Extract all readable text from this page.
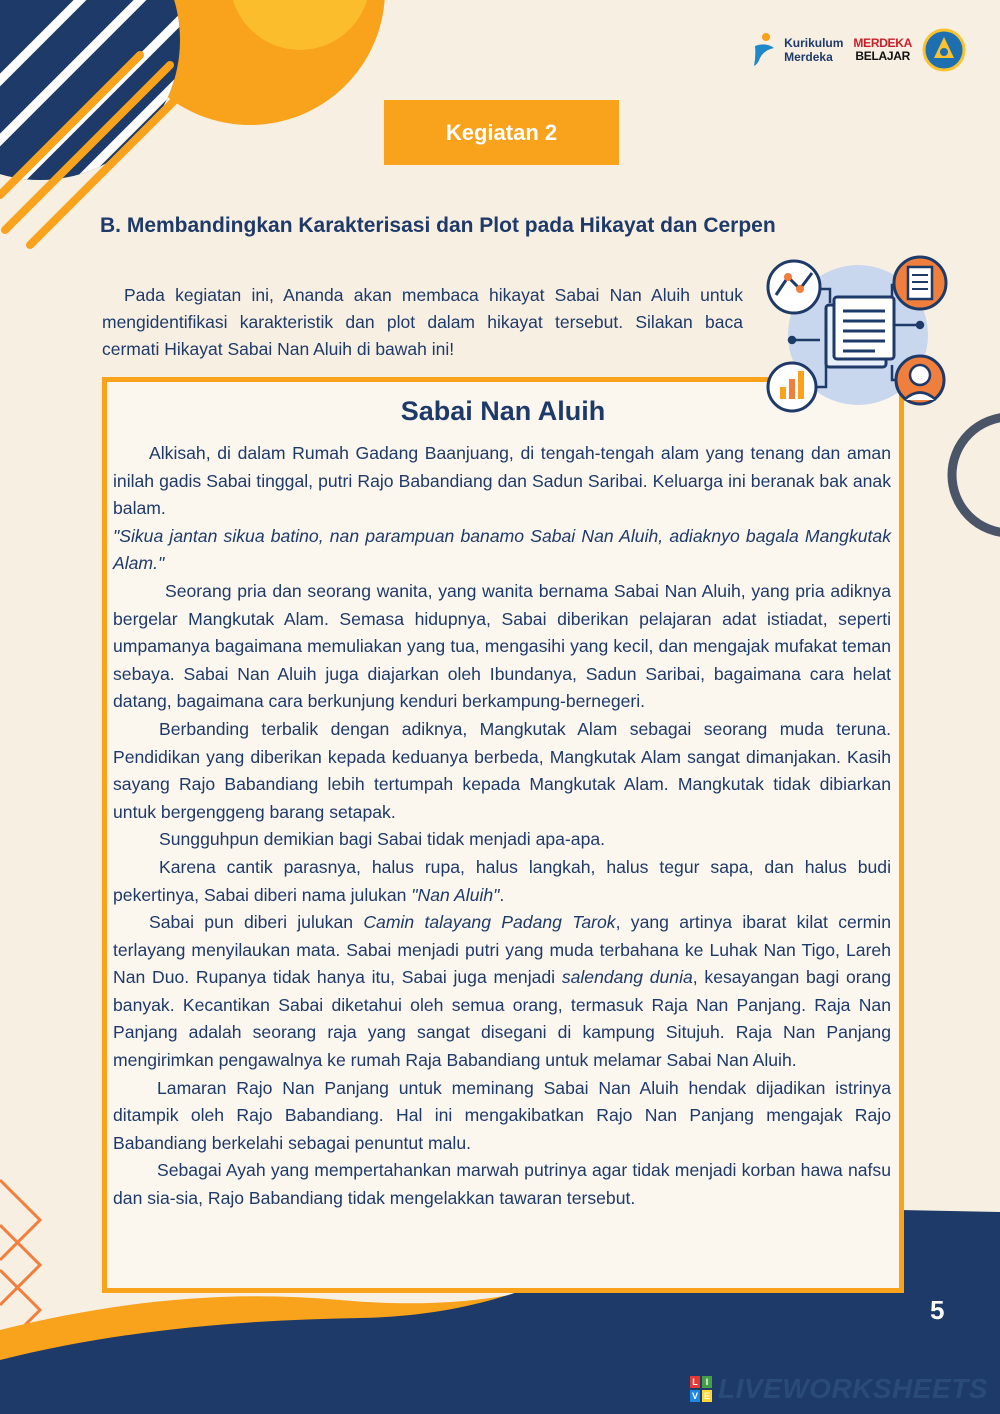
Kurikulum
Merdeka
MERDEKA
BELAJAR
Kegiatan 2
B. Membandingkan Karakterisasi dan Plot pada Hikayat dan Cerpen
Pada kegiatan ini, Ananda akan membaca hikayat Sabai Nan Aluih untuk mengidentifikasi karakteristik dan plot dalam hikayat tersebut. Silakan baca cermati Hikayat Sabai Nan Aluih di bawah ini!
Sabai Nan Aluih

Alkisah, di dalam Rumah Gadang Baanjuang, di tengah-tengah alam yang tenang dan aman inilah gadis Sabai tinggal, putri Rajo Babandiang dan Sadun Saribai. Keluarga ini beranak bak anak balam.

"Sikua jantan sikua batino, nan parampuan banamo Sabai Nan Aluih, adiaknyo bagala Mangkutak Alam."

Seorang pria dan seorang wanita, yang wanita bernama Sabai Nan Aluih, yang pria adiknya bergelar Mangkutak Alam. Semasa hidupnya, Sabai diberikan pelajaran adat istiadat, seperti umpamanya bagaimana memuliakan yang tua, mengasihi yang kecil, dan mengajak mufakat teman sebaya. Sabai Nan Aluih juga diajarkan oleh Ibundanya, Sadun Saribai, bagaimana cara helat datang, bagaimana cara berkunjung kenduri berkampung-bernegeri.

Berbanding terbalik dengan adiknya, Mangkutak Alam sebagai seorang muda teruna. Pendidikan yang diberikan kepada keduanya berbeda, Mangkutak Alam sangat dimanjakan. Kasih sayang Rajo Babandiang lebih tertumpah kepada Mangkutak Alam. Mangkutak tidak dibiarkan untuk bergenggeng barang setapak.

Sungguhpun demikian bagi Sabai tidak menjadi apa-apa.

Karena cantik parasnya, halus rupa, halus langkah, halus tegur sapa, dan halus budi pekertinya, Sabai diberi nama julukan "Nan Aluih".

Sabai pun diberi julukan Camin talayang Padang Tarok, yang artinya ibarat kilat cermin terlayang menyilaukan mata. Sabai menjadi putri yang muda terbahana ke Luhak Nan Tigo, Lareh Nan Duo. Rupanya tidak hanya itu, Sabai juga menjadi salendang dunia, kesayangan bagi orang banyak. Kecantikan Sabai diketahui oleh semua orang, termasuk Raja Nan Panjang. Raja Nan Panjang adalah seorang raja yang sangat disegani di kampung Situjuh. Raja Nan Panjang mengirimkan pengawalnya ke rumah Raja Babandiang untuk melamar Sabai Nan Aluih.

Lamaran Rajo Nan Panjang untuk meminang Sabai Nan Aluih hendak dijadikan istrinya ditampik oleh Rajo Babandiang. Hal ini mengakibatkan Rajo Nan Panjang mengajak Rajo Babandiang berkelahi sebagai penuntut malu.

Sebagai Ayah yang mempertahankan marwah putrinya agar tidak menjadi korban hawa nafsu dan sia-sia, Rajo Babandiang tidak mengelakkan tawaran tersebut.

5
L I
V E LIVEWORKSHEETS
